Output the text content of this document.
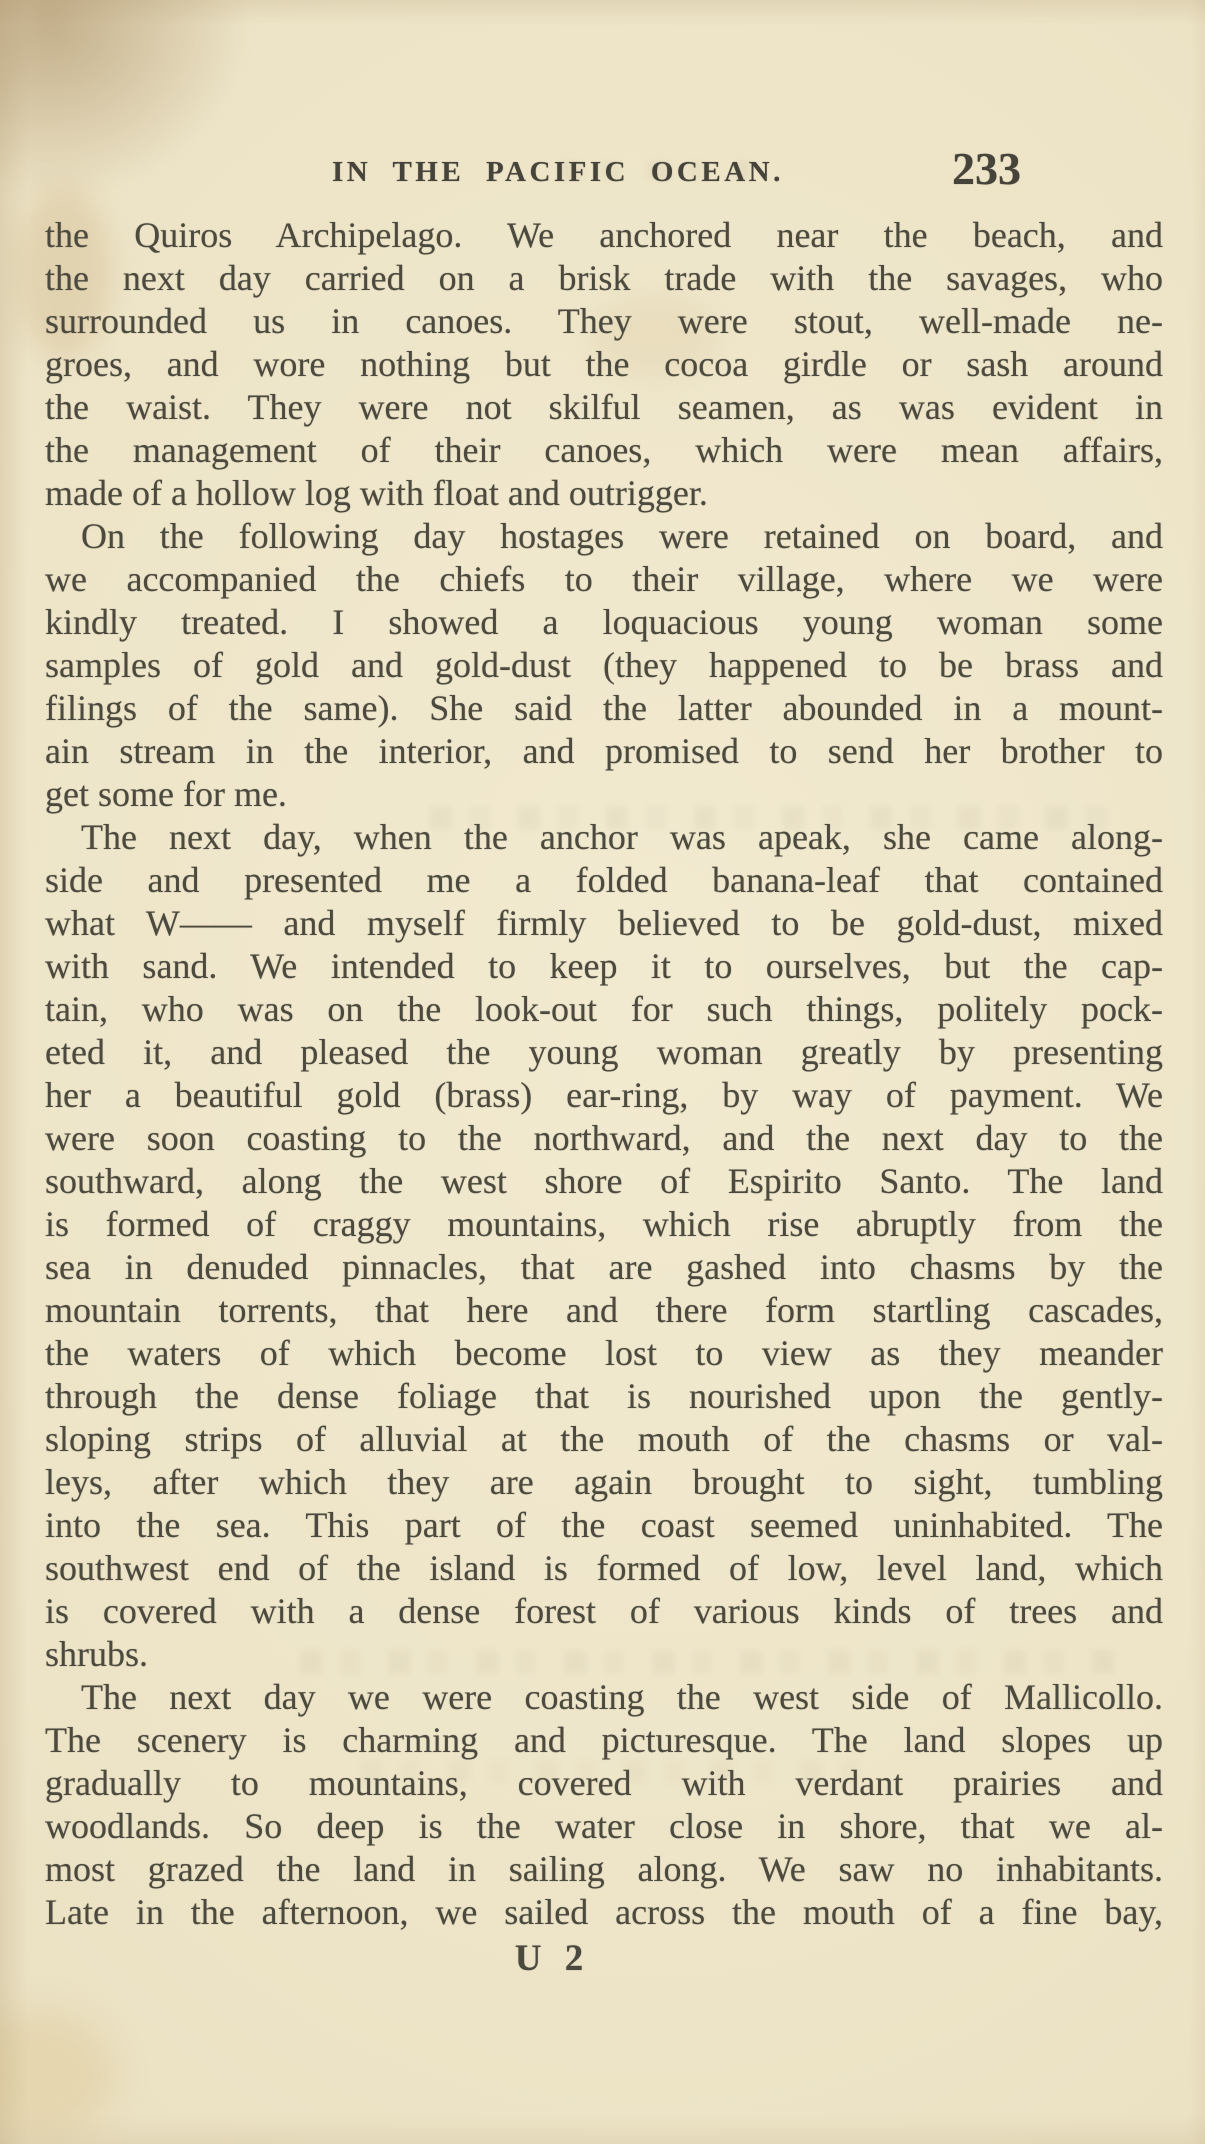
IN THE PACIFIC OCEAN.	233
the Quiros Archipelago. We anchored near the beach, and
the next day carried on a brisk trade with the savages, who
surrounded us in canoes. They were stout, well-made ne-
groes, and wore nothing but the cocoa girdle or sash around
the waist. They were not skilful seamen, as was evident in
the management of their canoes, which were mean affairs,
made of a hollow log with float and outrigger.
On the following day hostages were retained on board, and
we accompanied the chiefs to their village, where we were
kindly treated. I showed a loquacious young woman some
samples of gold and gold-dust (they happened to be brass and
filings of the same). She said the latter abounded in a mount-
ain stream in the interior, and promised to send her brother to
get some for me.
The next day, when the anchor was apeak, she came along-
side and presented me a folded banana-leaf that contained
what W—— and myself firmly believed to be gold-dust, mixed
with sand. We intended to keep it to ourselves, but the cap-
tain, who was on the look-out for such things, politely pock-
eted it, and pleased the young woman greatly by presenting
her a beautiful gold (brass) ear-ring, by way of payment. We
were soon coasting to the northward, and the next day to the
southward, along the west shore of Espirito Santo. The land
is formed of craggy mountains, which rise abruptly from the
sea in denuded pinnacles, that are gashed into chasms by the
mountain torrents, that here and there form startling cascades,
the waters of which become lost to view as they meander
through the dense foliage that is nourished upon the gently-
sloping strips of alluvial at the mouth of the chasms or val-
leys, after which they are again brought to sight, tumbling
into the sea. This part of the coast seemed uninhabited. The
southwest end of the island is formed of low, level land, which
is covered with a dense forest of various kinds of trees and
shrubs.
The next day we were coasting the west side of Mallicollo.
The scenery is charming and picturesque. The land slopes up
gradually to mountains, covered with verdant prairies and
woodlands. So deep is the water close in shore, that we al-
most grazed the land in sailing along. We saw no inhabitants.
Late in the afternoon, we sailed across the mouth of a fine bay,
U 2
